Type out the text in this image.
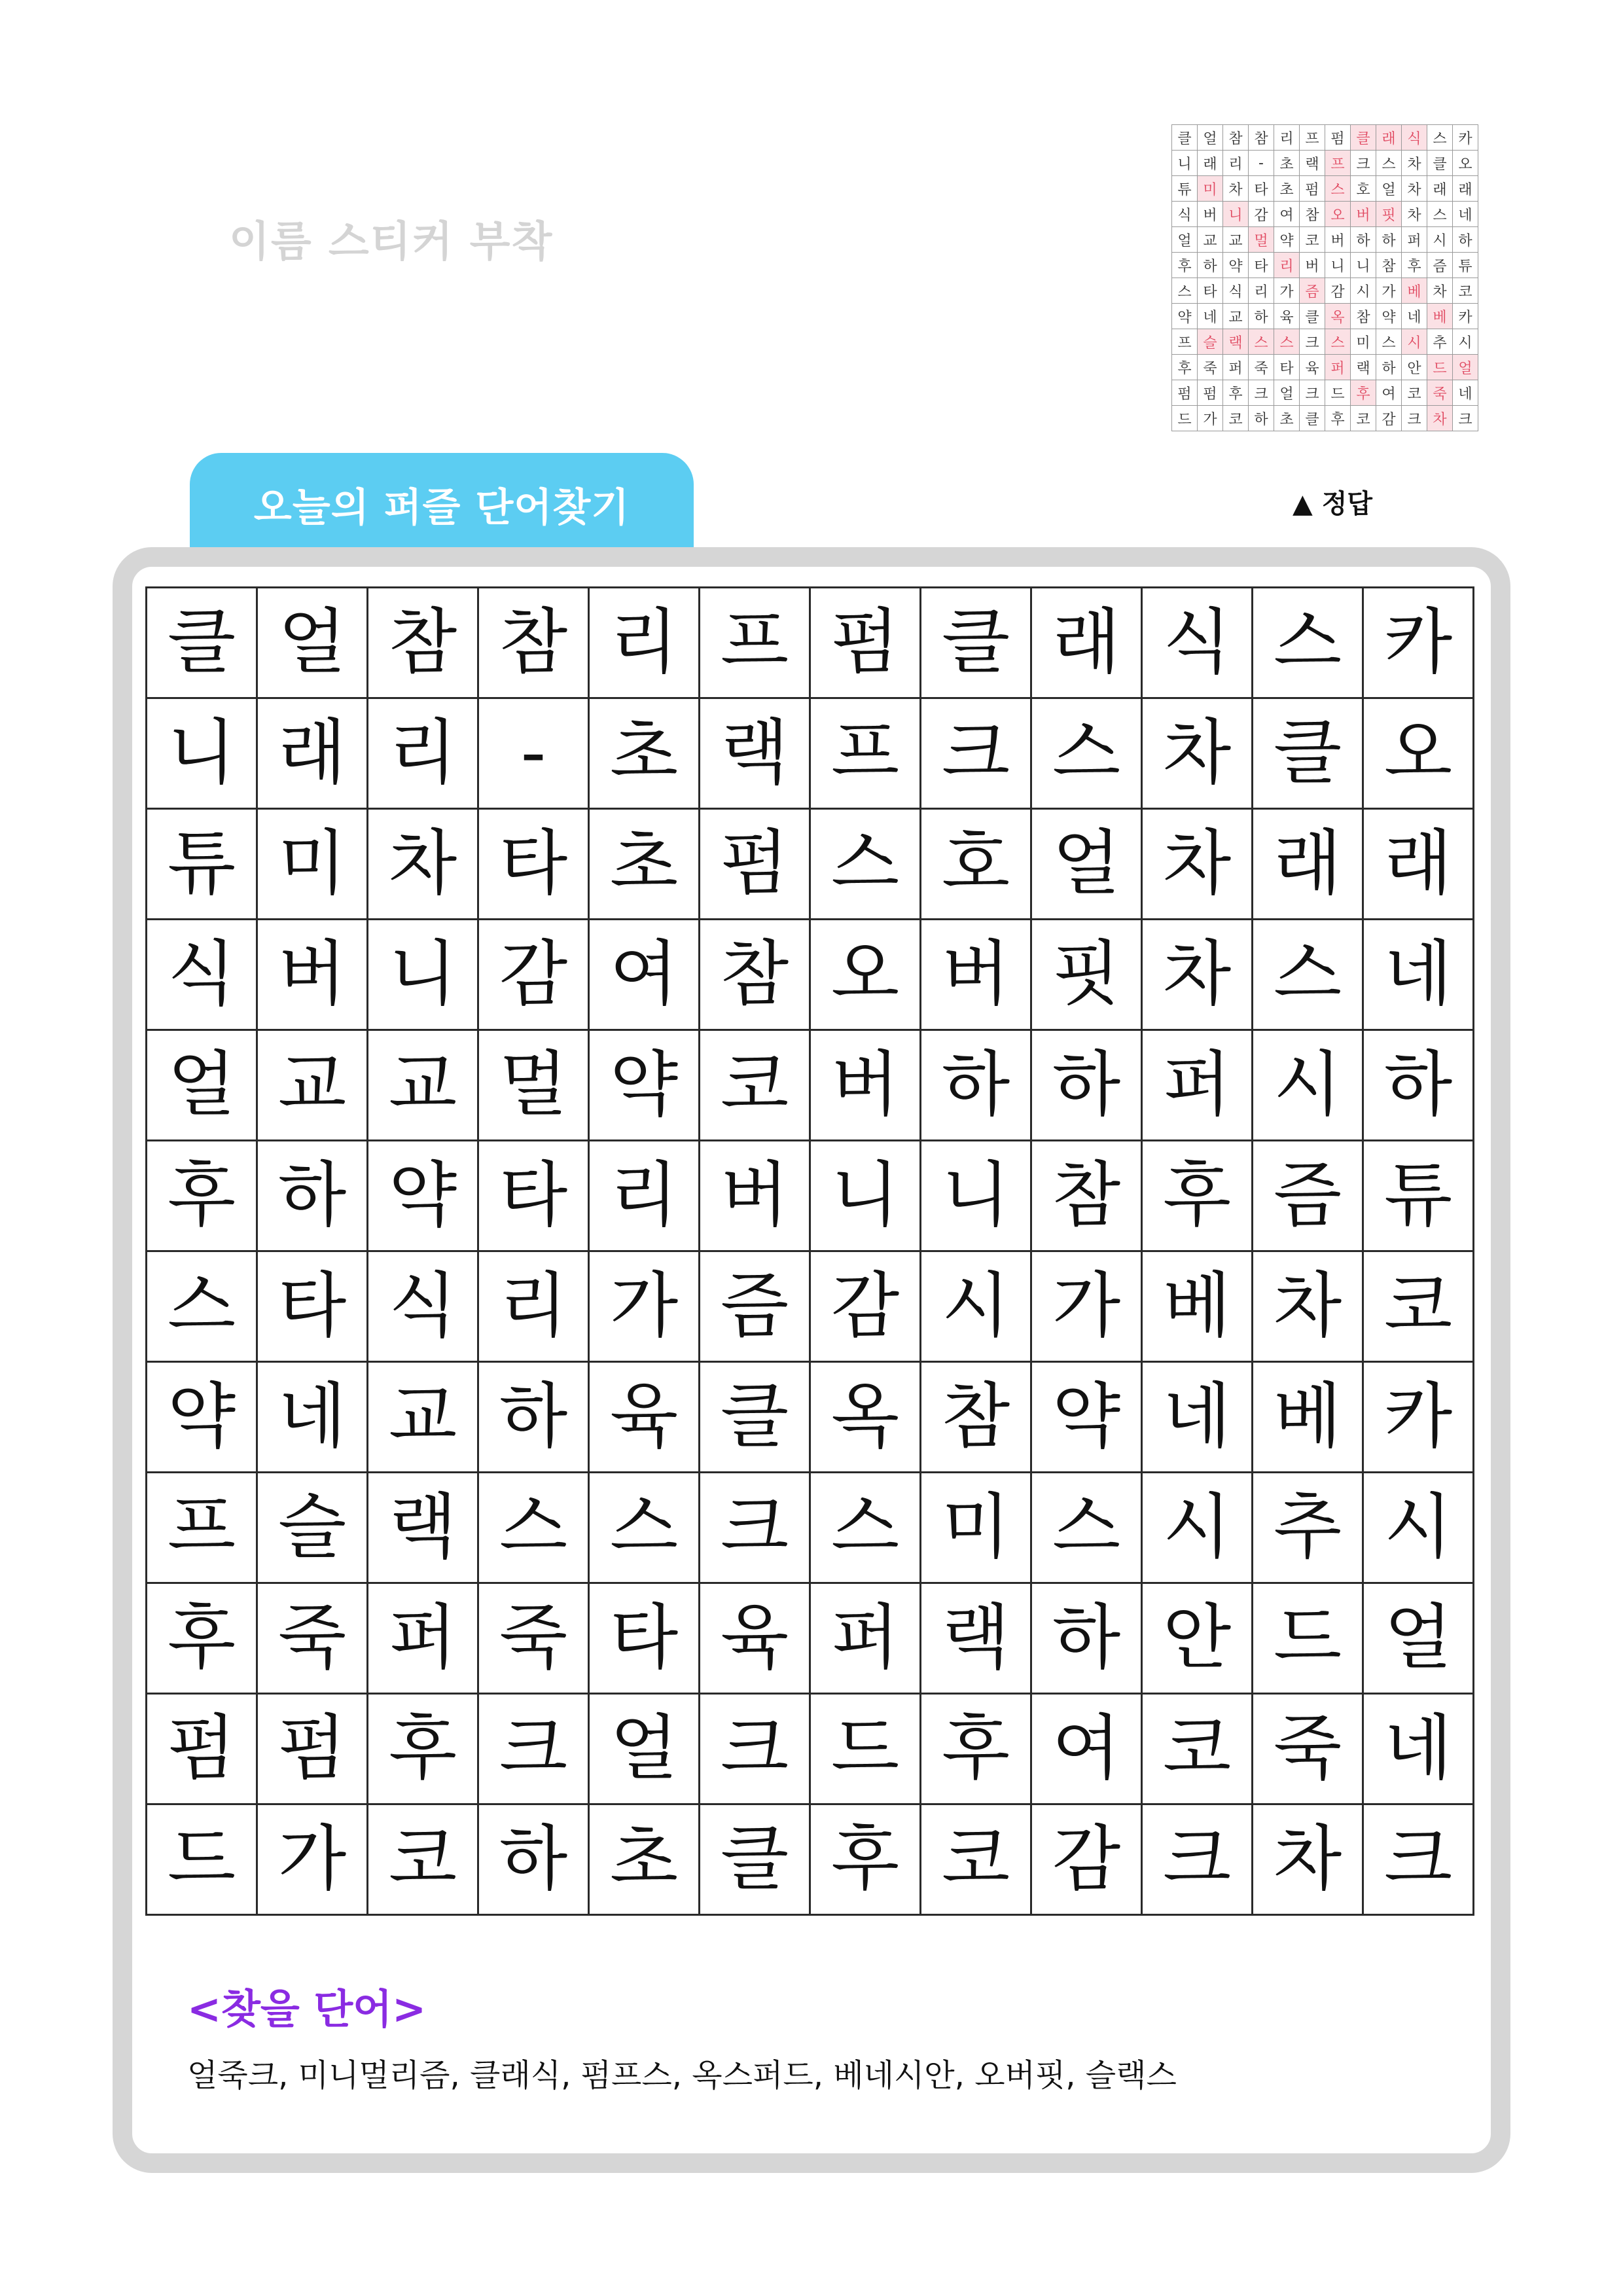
이름 스티커 부착
클	얼	참	참	리	프	펌	클	래	식	스	카
니	래	리	-	초	랙	프	크	스	차	클	오
튜	미	차	타	초	펌	스	호	얼	차	래	래
식	버	니	감	여	참	오	버	핏	차	스	네
얼	교	교	멀	약	코	버	하	하	퍼	시	하
후	하	약	타	리	버	니	니	참	후	즘	튜
스	타	식	리	가	즘	감	시	가	베	차	코
약	네	교	하	육	클	옥	참	약	네	베	카
프	슬	랙	스	스	크	스	미	스	시	추	시
후	죽	퍼	죽	타	육	퍼	랙	하	안	드	얼
펌	펌	후	크	얼	크	드	후	여	코	죽	네
드	가	코	하	초	클	후	코	감	크	차	크
▲ 정답
오늘의 퍼즐 단어찾기
클	얼	참	참	리	프	펌	클	래	식	스	카
니	래	리	-	초	랙	프	크	스	차	클	오
튜	미	차	타	초	펌	스	호	얼	차	래	래
식	버	니	감	여	참	오	버	핏	차	스	네
얼	교	교	멀	약	코	버	하	하	퍼	시	하
후	하	약	타	리	버	니	니	참	후	즘	튜
스	타	식	리	가	즘	감	시	가	베	차	코
약	네	교	하	육	클	옥	참	약	네	베	카
프	슬	랙	스	스	크	스	미	스	시	추	시
후	죽	퍼	죽	타	육	퍼	랙	하	안	드	얼
펌	펌	후	크	얼	크	드	후	여	코	죽	네
드	가	코	하	초	클	후	코	감	크	차	크
<찾을 단어>
얼죽크, 미니멀리즘, 클래식, 펌프스, 옥스퍼드, 베네시안, 오버핏, 슬랙스
